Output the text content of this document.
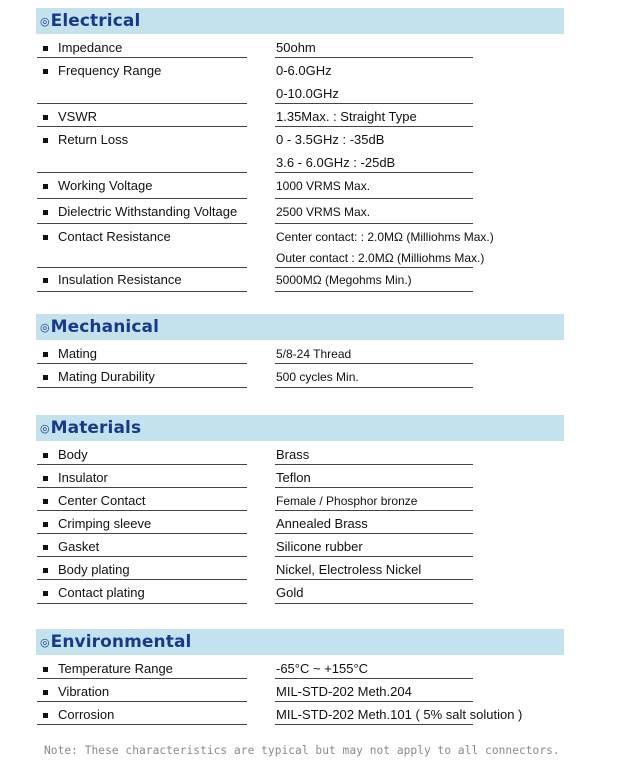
◎ Electrical
Impedance	50ohm
Frequency Range	0-6.0GHz
0-10.0GHz
VSWR	1.35Max. : Straight Type
Return Loss	0 - 3.5GHz : -35dB
3.6 - 6.0GHz : -25dB
Working Voltage	1000 VRMS Max.
Dielectric Withstanding Voltage	2500 VRMS Max.
Contact Resistance	Center contact: : 2.0MΩ (Milliohms Max.)
Outer contact : 2.0MΩ (Milliohms Max.)
Insulation Resistance	5000MΩ (Megohms Min.)
◎ Mechanical
Mating	5/8-24 Thread
Mating Durability	500 cycles Min.
◎ Materials
Body	Brass
Insulator	Teflon
Center Contact	Female / Phosphor bronze
Crimping sleeve	Annealed Brass
Gasket	Silicone rubber
Body plating	Nickel, Electroless Nickel
Contact plating	Gold
◎ Environmental
Temperature Range	-65°C ~ +155°C
Vibration	MIL-STD-202 Meth.204
Corrosion	MIL-STD-202 Meth.101 ( 5% salt solution )
Note: These characteristics are typical but may not apply to all connectors.
